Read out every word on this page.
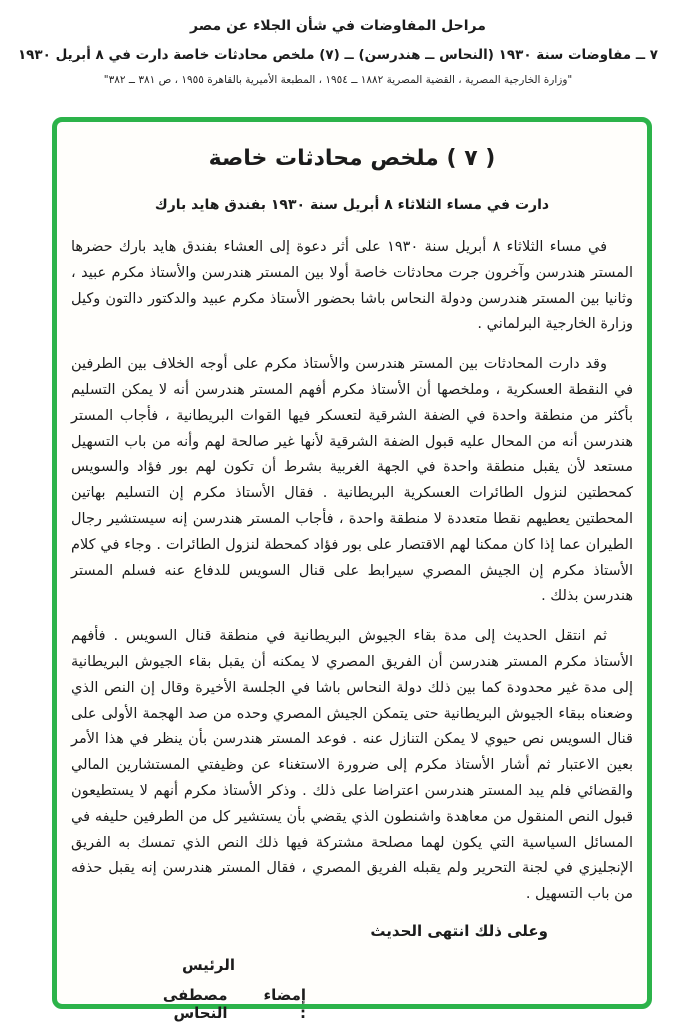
مراحل المفاوضات في شأن الجلاء عن مصر
٧ ــ مفاوضات سنة ١٩٣٠ (النحاس ــ هندرسن) ــ (٧) ملخص محادثات خاصة دارت في ٨ أبريل ١٩٣٠
"وزارة الخارجية المصرية ، القضية المصرية ١٨٨٢ ــ ١٩٥٤ ، المطبعة الأميرية بالقاهرة ١٩٥٥ ، ص ٣٨١ ــ ٣٨٢"
( ٧ ) ملخص محادثات خاصة
دارت في مساء الثلاثاء ٨ أبريل سنة ١٩٣٠ بفندق هايد بارك

في مساء الثلاثاء ٨ أبريل سنة ١٩٣٠ على أثر دعوة إلى العشاء بفندق هايد بارك حضرها المستر هندرسن وآخرون جرت محادثات خاصة أولا بين المستر هندرسن والأستاذ مكرم عبيد ، وثانيا بين المستر هندرسن ودولة النحاس باشا بحضور الأستاذ مكرم عبيد والدكتور دالتون وكيل وزارة الخارجية البرلماني .

وقد دارت المحادثات بين المستر هندرسن والأستاذ مكرم على أوجه الخلاف بين الطرفين في النقطة العسكرية ، وملخصها أن الأستاذ مكرم أفهم المستر هندرسن أنه لا يمكن التسليم بأكثر من منطقة واحدة في الضفة الشرقية لتعسكر فيها القوات البريطانية ، فأجاب المستر هندرسن أنه من المحال عليه قبول الضفة الشرقية لأنها غير صالحة لهم وأنه من باب التسهيل مستعد لأن يقبل منطقة واحدة في الجهة الغربية بشرط أن تكون لهم بور فؤاد والسويس كمحطتين لنزول الطائرات العسكرية البريطانية . فقال الأستاذ مكرم إن التسليم بهاتين المحطتين يعطيهم نقطا متعددة لا منطقة واحدة ، فأجاب المستر هندرسن إنه سيستشير رجال الطيران عما إذا كان ممكنا لهم الاقتصار على بور فؤاد كمحطة لنزول الطائرات . وجاء في كلام الأستاذ مكرم إن الجيش المصري سيرابط على قنال السويس للدفاع عنه فسلم المستر هندرسن بذلك .

ثم انتقل الحديث إلى مدة بقاء الجيوش البريطانية في منطقة قنال السويس . فأفهم الأستاذ مكرم المستر هندرسن أن الفريق المصري لا يمكنه أن يقبل بقاء الجيوش البريطانية إلى مدة غير محدودة كما بين ذلك دولة النحاس باشا في الجلسة الأخيرة وقال إن النص الذي وضعناه ببقاء الجيوش البريطانية حتى يتمكن الجيش المصري وحده من صد الهجمة الأولى على قنال السويس نص حيوي لا يمكن التنازل عنه . فوعد المستر هندرسن بأن ينظر في هذا الأمر بعين الاعتبار ثم أشار الأستاذ مكرم إلى ضرورة الاستغناء عن وظيفتي المستشارين المالي والقضائي فلم يبد المستر هندرسن اعتراضا على ذلك . وذكر الأستاذ مكرم أنهم لا يستطيعون قبول النص المنقول من معاهدة واشنطون الذي يقضي بأن يستشير كل من الطرفين حليفه في المسائل السياسية التي يكون لهما مصلحة مشتركة فيها ذلك النص الذي تمسك به الفريق الإنجليزي في لجنة التحرير ولم يقبله الفريق المصري ، فقال المستر هندرسن إنه يقبل حذفه من باب التسهيل .

وعلى ذلك انتهى الحديث
الرئيس
إمضاء :
مصطفى النحاس
